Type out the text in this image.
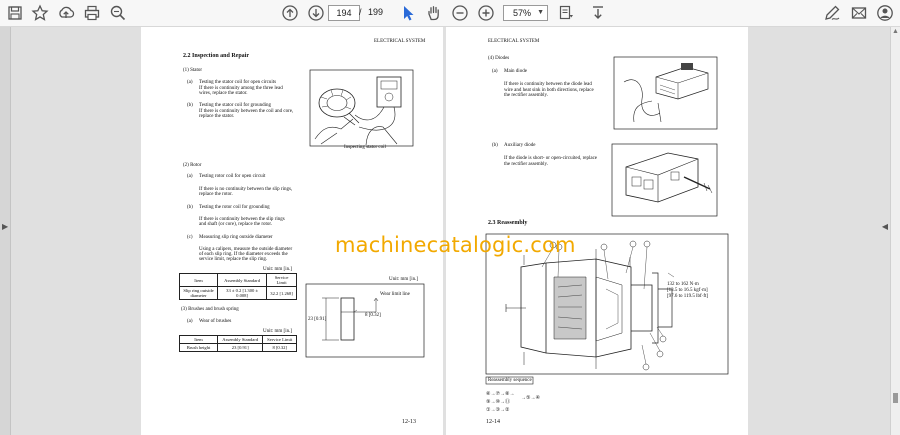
194 / 199	57% ▼
▶	◀
▲
ELECTRICAL SYSTEM
2.2 Inspection and Repair
(1) Stator
(a) Testing the stator coil for open circuits
If there is continuity among the three lead
wires, replace the stator.
(b) Testing the stator coil for grounding
If there is continuity between the coil and core,
replace the stator.
Inspecting stator coil
(2) Rotor
(a) Testing rotor coil for open circuit
If there is no continuity between the slip rings,
replace the rotor.
(b) Testing the rotor coil for grounding
If there is continuity between the slip rings
and shaft (or core), replace the rotor.
(c) Measuring slip ring outside diameter
Using a calipers, measure the outside diameter
of each slip ring. If the diameter exceeds the
service limit, replace the slip ring.
Unit: mm [in.]
Item	Assembly Standard	Service Limit
Slip ring outside diameter	33 ± 0.2 [1.300 ± 0.008]	32.2 [1.268]
(3) Brushes and brush spring
(a) Wear of brushes
Unit: mm [in.]
Wear limit line
23 [0.91]
8 [0.32]
Unit: mm [in.]
Item	Assembly Standard	Service Limit
Brush height	23 [0.91]	8 [0.32]
12-13
ELECTRICAL SYSTEM
(4) Diodes
(a) Main diode
If there is continuity between the diode lead
wire and heat sink in both directions, replace
the rectifier assembly.
(b) Auxiliary diode
If the diode is short- or open-circuited, replace
the rectifier assembly.
2.3 Reassembly
132 to 162 N·m
[13.5 to 16.5 kgf·m]
[97.6 to 119.5 lbf·ft]
Reassembly sequence
⑥→⑦→⑧→
⑨→⑩→⑪
→⑤→④
①→③→②
12-14
machinecatalogic.com
